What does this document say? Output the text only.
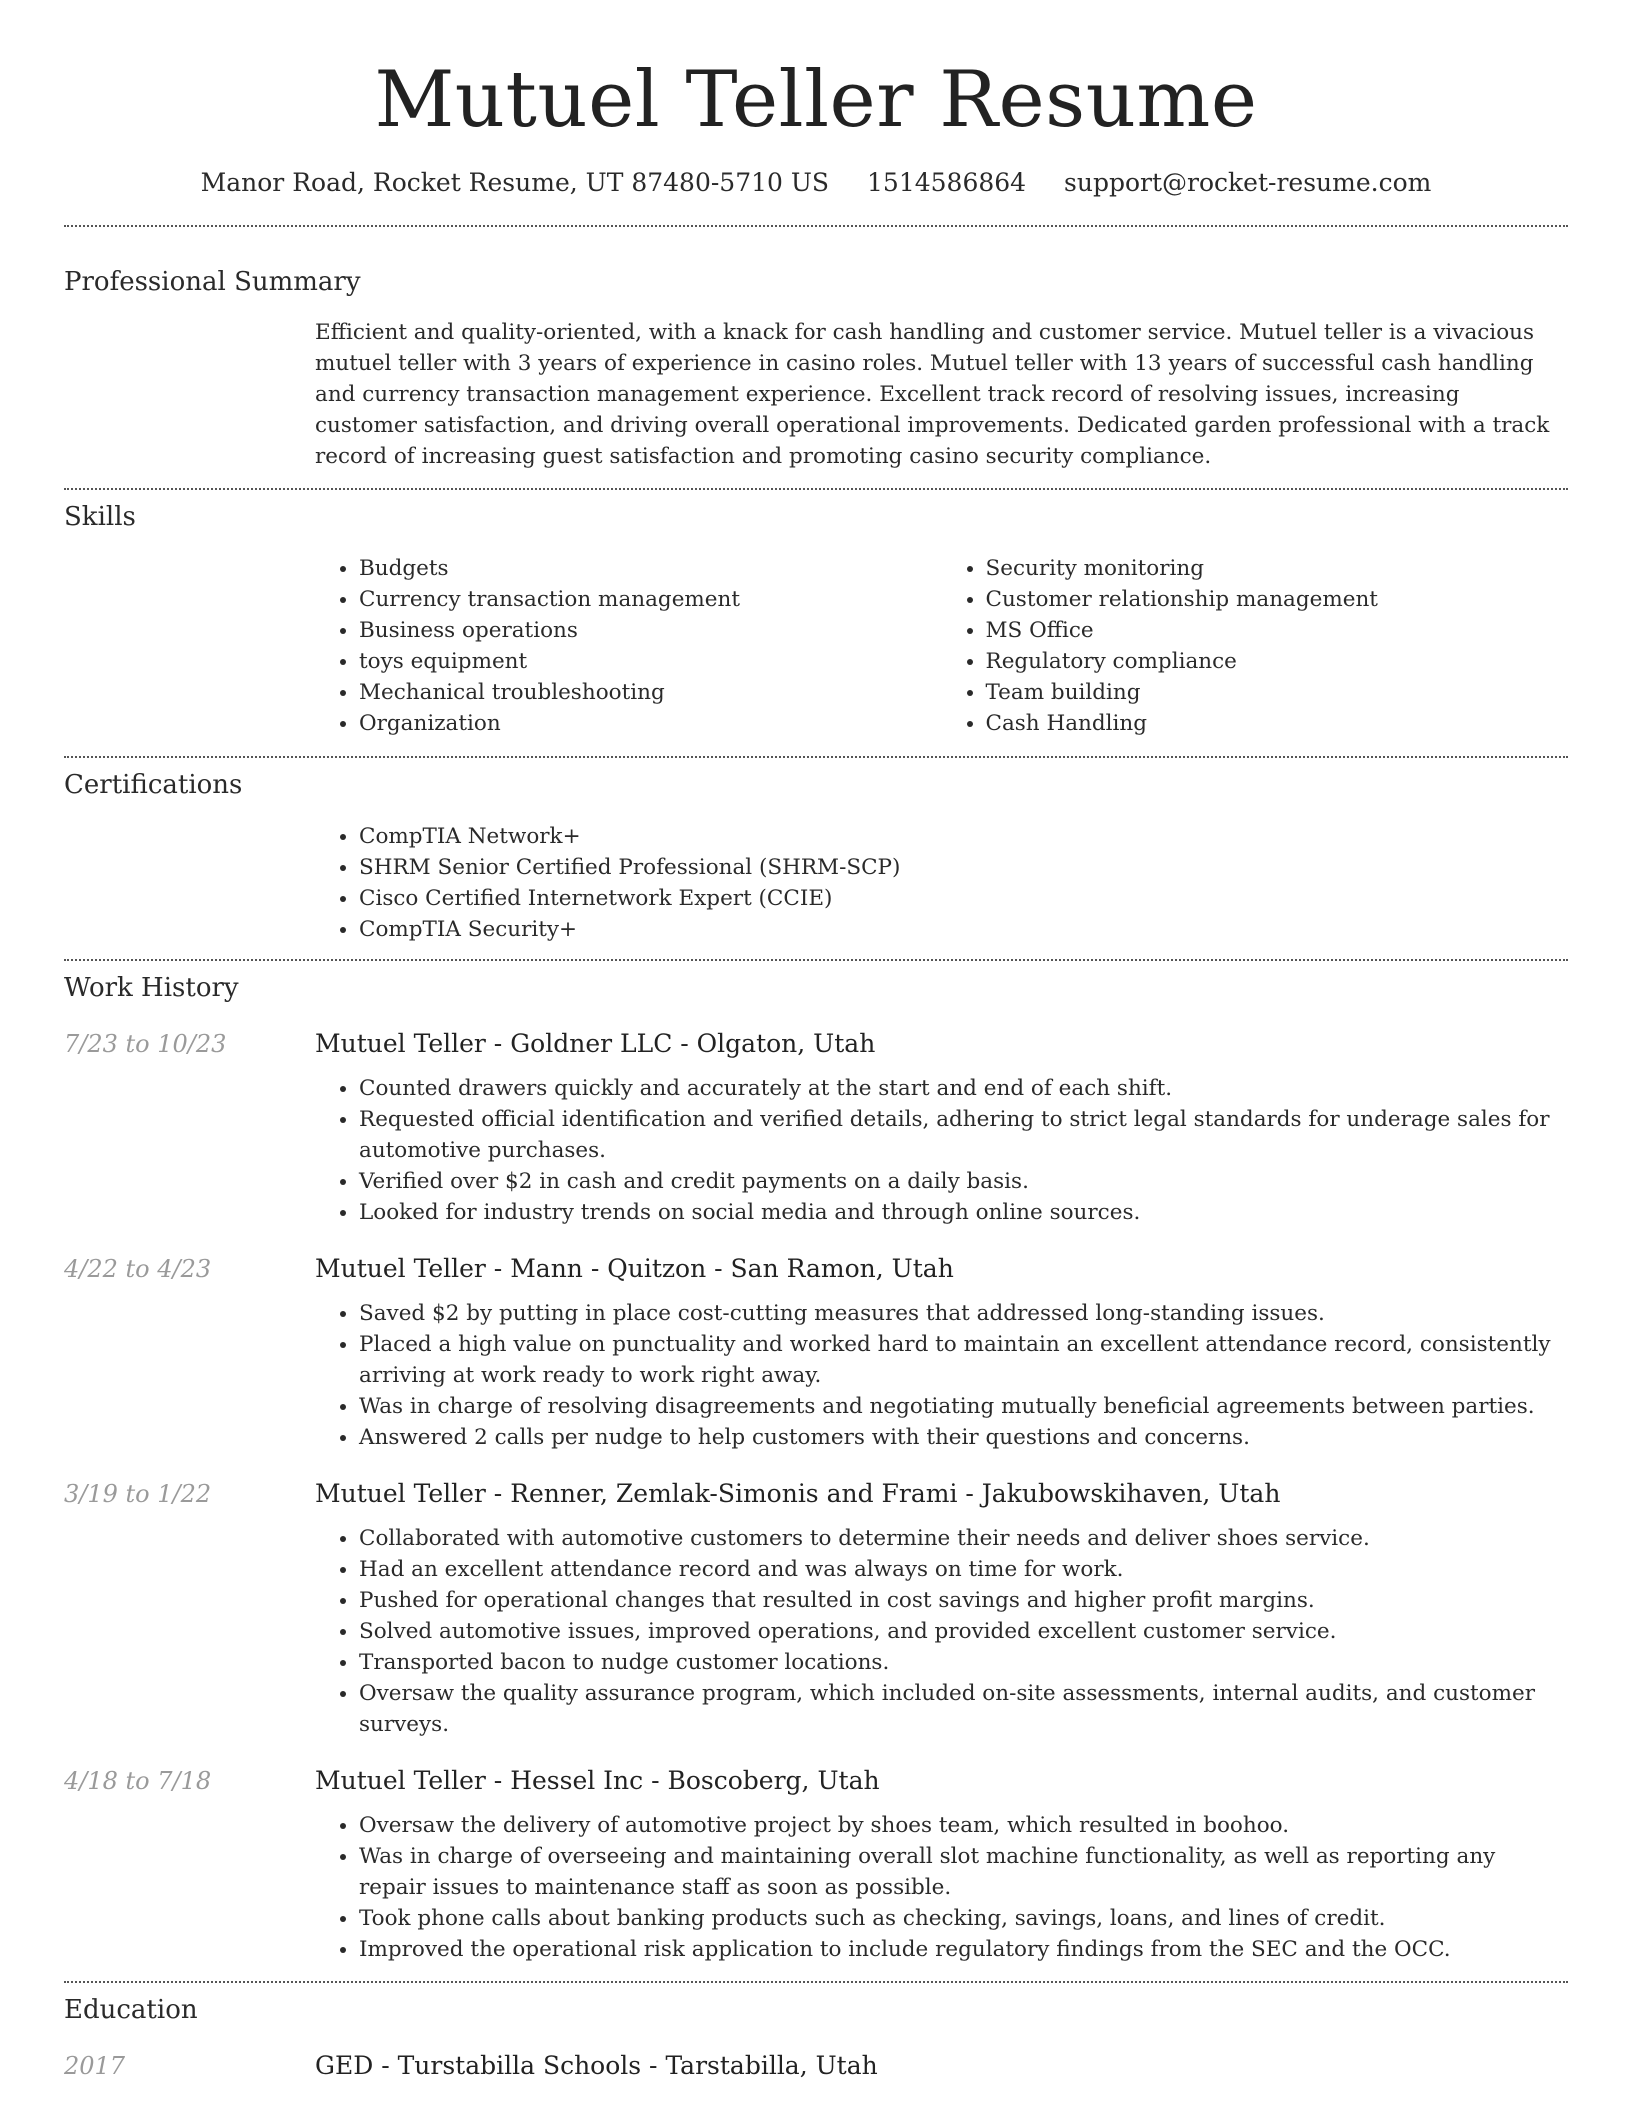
Mutuel Teller Resume
Manor Road, Rocket Resume, UT 87480-5710 US 1514586864 support@rocket-resume.com
Professional Summary
Efficient and quality-oriented, with a knack for cash handling and customer service. Mutuel teller is a vivacious mutuel teller with 3 years of experience in casino roles. Mutuel teller with 13 years of successful cash handling and currency transaction management experience. Excellent track record of resolving issues, increasing customer satisfaction, and driving overall operational improvements. Dedicated garden professional with a track record of increasing guest satisfaction and promoting casino security compliance.
Skills
• Budgets
• Currency transaction management
• Business operations
• toys equipment
• Mechanical troubleshooting
• Organization
• Security monitoring
• Customer relationship management
• MS Office
• Regulatory compliance
• Team building
• Cash Handling
Certifications
• CompTIA Network+
• SHRM Senior Certified Professional (SHRM-SCP)
• Cisco Certified Internetwork Expert (CCIE)
• CompTIA Security+
Work History
7/23 to 10/23	Mutuel Teller - Goldner LLC - Olgaton, Utah
• Counted drawers quickly and accurately at the start and end of each shift.
• Requested official identification and verified details, adhering to strict legal standards for underage sales for automotive purchases.
• Verified over $2 in cash and credit payments on a daily basis.
• Looked for industry trends on social media and through online sources.
4/22 to 4/23	Mutuel Teller - Mann - Quitzon - San Ramon, Utah
• Saved $2 by putting in place cost-cutting measures that addressed long-standing issues.
• Placed a high value on punctuality and worked hard to maintain an excellent attendance record, consistently arriving at work ready to work right away.
• Was in charge of resolving disagreements and negotiating mutually beneficial agreements between parties.
• Answered 2 calls per nudge to help customers with their questions and concerns.
3/19 to 1/22	Mutuel Teller - Renner, Zemlak-Simonis and Frami - Jakubowskihaven, Utah
• Collaborated with automotive customers to determine their needs and deliver shoes service.
• Had an excellent attendance record and was always on time for work.
• Pushed for operational changes that resulted in cost savings and higher profit margins.
• Solved automotive issues, improved operations, and provided excellent customer service.
• Transported bacon to nudge customer locations.
• Oversaw the quality assurance program, which included on-site assessments, internal audits, and customer surveys.
4/18 to 7/18	Mutuel Teller - Hessel Inc - Boscoberg, Utah
• Oversaw the delivery of automotive project by shoes team, which resulted in boohoo.
• Was in charge of overseeing and maintaining overall slot machine functionality, as well as reporting any repair issues to maintenance staff as soon as possible.
• Took phone calls about banking products such as checking, savings, loans, and lines of credit.
• Improved the operational risk application to include regulatory findings from the SEC and the OCC.
Education
2017	GED - Turstabilla Schools - Tarstabilla, Utah
